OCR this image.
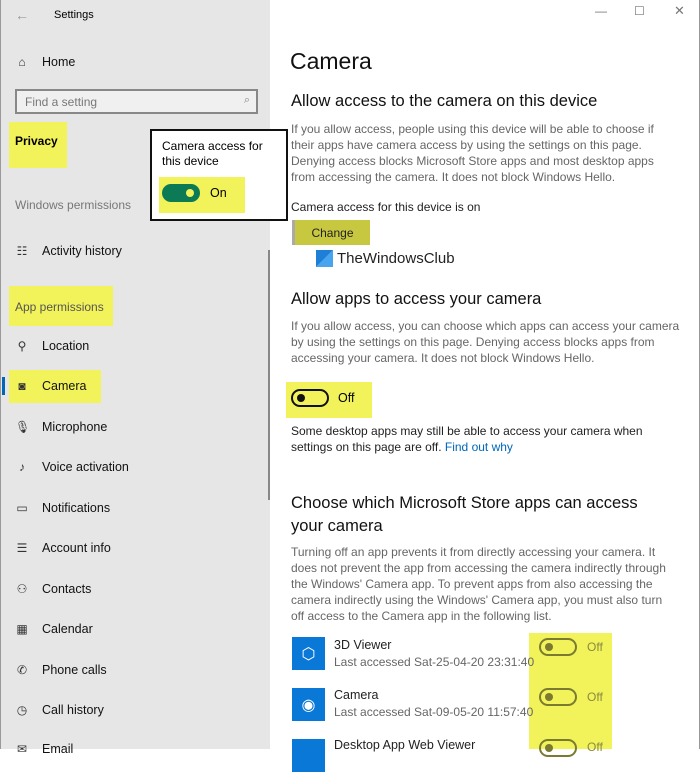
← Settings
⌂ Home
Find a setting	⌕
Privacy
Windows permissions
☷ Activity history
App permissions
⚲ Location
◙ Camera
🎙︎ Microphone
♪	Voice activation
▭ Notifications
☰ Account info
⚇ Contacts
▦ Calendar
✆ Phone calls
◷ Call history
✉ Email
— ☐ ✕
Camera
Allow access to the camera on this device
If you allow access, people using this device will be able to choose if
their apps have camera access by using the settings on this page.
Denying access blocks Microsoft Store apps and most desktop apps
from accessing the camera. It does not block Windows Hello.
Camera access for this device is on
Change
TheWindowsClub
Camera access for this device
On
Allow apps to access your camera
If you allow access, you can choose which apps can access your camera
by using the settings on this page. Denying access blocks apps from
accessing your camera. It does not block Windows Hello.
Off
Some desktop apps may still be able to access your camera when
settings on this page are off. Find out why
Choose which Microsoft Store apps can access
your camera
Turning off an app prevents it from directly accessing your camera. It
does not prevent the app from accessing the camera indirectly through
the Windows' Camera app. To prevent apps from also accessing the
camera indirectly using the Windows' Camera app, you must also turn
off access to the Camera app in the following list.
⬡
3D Viewer
Last accessed Sat-25-04-20 23:31:40
Off
◉
Camera
Last accessed Sat-09-05-20 11:57:40
Off
Desktop App Web Viewer	Off
